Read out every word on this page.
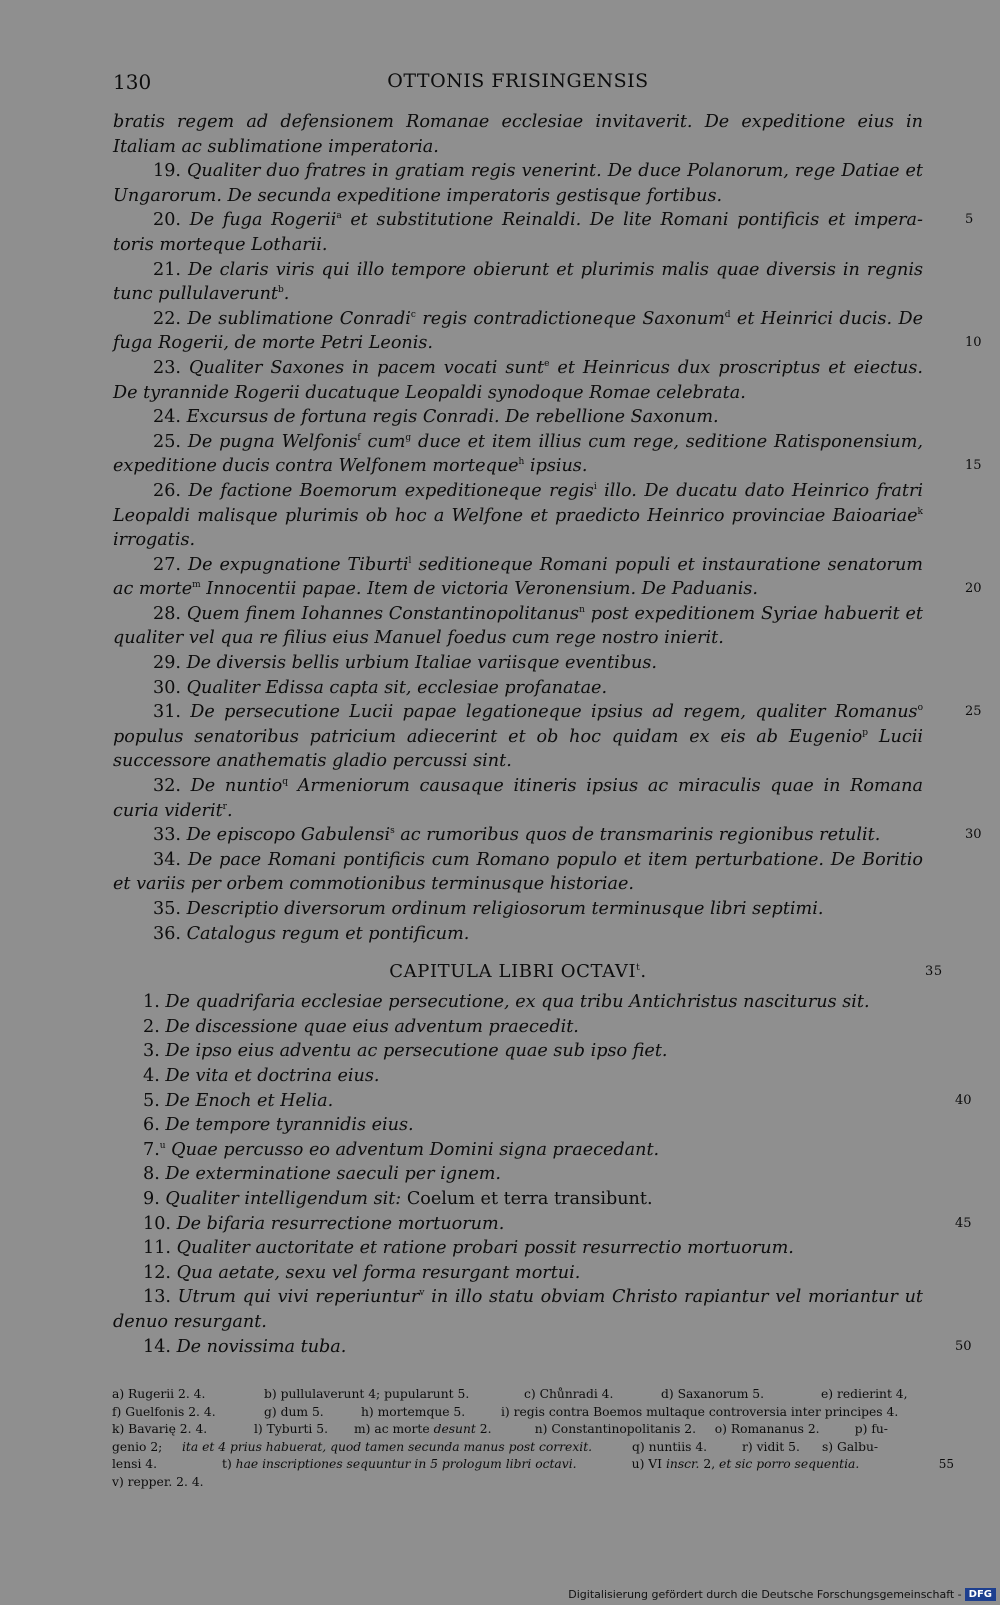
130	OTTONIS FRISINGENSIS

bratis regem ad defensionem Romanae ecclesiae invitaverit. De expeditione eius in Italiam ac sublimatione imperatoria.

19. Qualiter duo fratres in gratiam regis venerint. De duce Polanorum, rege Datiae et Ungarorum. De secunda expeditione imperatoris gestisque fortibus.

20. De fuga Rogerii$^a$ et substitutione Reinaldi. De lite Romani pontificis et impera- toris morteque Lotharii.
5

21. De claris viris qui illo tempore obierunt et plurimis malis quae diversis in regnis tunc pullulaverunt$^b$.

22. De sublimatione Conradi$^c$ regis contradictioneque Saxonum$^d$ et Heinrici ducis. De fuga Rogerii, de morte Petri Leonis.	10

23. Qualiter Saxones in pacem vocati sunt$^e$ et Heinricus dux proscriptus et eiectus. De tyrannide Rogerii ducatuque Leopaldi synodoque Romae celebrata.

24. Excursus de fortuna regis Conradi. De rebellione Saxonum.

25. De pugna Welfonis$^f$ cum$^g$ duce et item illius cum rege, seditione Ratisponensium, expeditione ducis contra Welfonem morteque$^h$ ipsius.	15

26. De factione Boemorum expeditioneque regis$^i$ illo. De ducatu dato Heinrico fratri Leopaldi malisque plurimis ob hoc a Welfone et praedicto Heinrico provinciae Baioariae$^k$ irrogatis.

27. De expugnatione Tiburti$^l$ seditioneque Romani populi et instauratione senatorum ac morte$^m$ Innocentii papae. Item de victoria Veronensium. De Paduanis.	20

28. Quem finem Iohannes Constantinopolitanus$^n$ post expeditionem Syriae habuerit et qualiter vel qua re filius eius Manuel foedus cum rege nostro inierit.

29. De diversis bellis urbium Italiae variisque eventibus.

30. Qualiter Edissa capta sit, ecclesiae profanatae.

31. De persecutione Lucii papae legationeque ipsius ad regem, qualiter Romanus$^o$ populus senatoribus patricium adiecerint et ob hoc quidam ex eis ab Eugenio$^p$ Lucii successore anathematis gladio percussi sint.
25

32. De nuntio$^q$ Armeniorum causaque itineris ipsius ac miraculis quae in Romana curia viderit$^r$.

33. De episcopo Gabulensi$^s$ ac rumoribus quos de transmarinis regionibus retulit.	30

34. De pace Romani pontificis cum Romano populo et item perturbatione. De Boritio et variis per orbem commotionibus terminusque historiae.

35. Descriptio diversorum ordinum religiosorum terminusque libri septimi.

36. Catalogus regum et pontificum.

CAPITULA LIBRI OCTAVI$^t$.	35

1. De quadrifaria ecclesiae persecutione, ex qua tribu Antichristus nasciturus sit.

2. De discessione quae eius adventum praecedit.

3. De ipso eius adventu ac persecutione quae sub ipso fiet.

4. De vita et doctrina eius.

5. De Enoch et Helia.	40

6. De tempore tyrannidis eius.

7.$^u$ Quae percusso eo adventum Domini signa praecedant.

8. De exterminatione saeculi per ignem.

9. Qualiter intelligendum sit: Coelum et terra transibunt.

10. De bifaria resurrectione mortuorum.	45

11. Qualiter auctoritate et ratione probari possit resurrectio mortuorum.

12. Qua aetate, sexu vel forma resurgant mortui.

13. Utrum qui vivi reperiuntur$^v$ in illo statu obviam Christo rapiantur vel moriantur ut denuo resurgant.

14. De novissima tuba.	50

a) Rugerii 2. 4.	b) pullulaverunt 4; pupularunt 5.	c) Chůnradi 4.	d) Saxanorum 5.	e) redierint 4,
f) Guelfonis 2. 4.	g) dum 5.	h) mortemque 5.	i) regis contra Boemos multaque controversia inter principes 4.
k) Bavarię 2. 4.	l) Tyburti 5. m) ac morte desunt 2.	n) Constantinopolitanis 2. o) Romananus 2.	p) fu-
genio 2; ita et 4 prius habuerat, quod tamen secunda manus post correxit.	q) nuntiis 4.	r) vidit 5. s) Galbu-
lensi 4.	t) hae inscriptiones sequuntur in 5 prologum libri octavi.	u) VI inscr. 2, et sic porro sequentia.	55
v) repper. 2. 4.
Digitalisierung gefördert durch die Deutsche Forschungsgemeinschaft - DFG
